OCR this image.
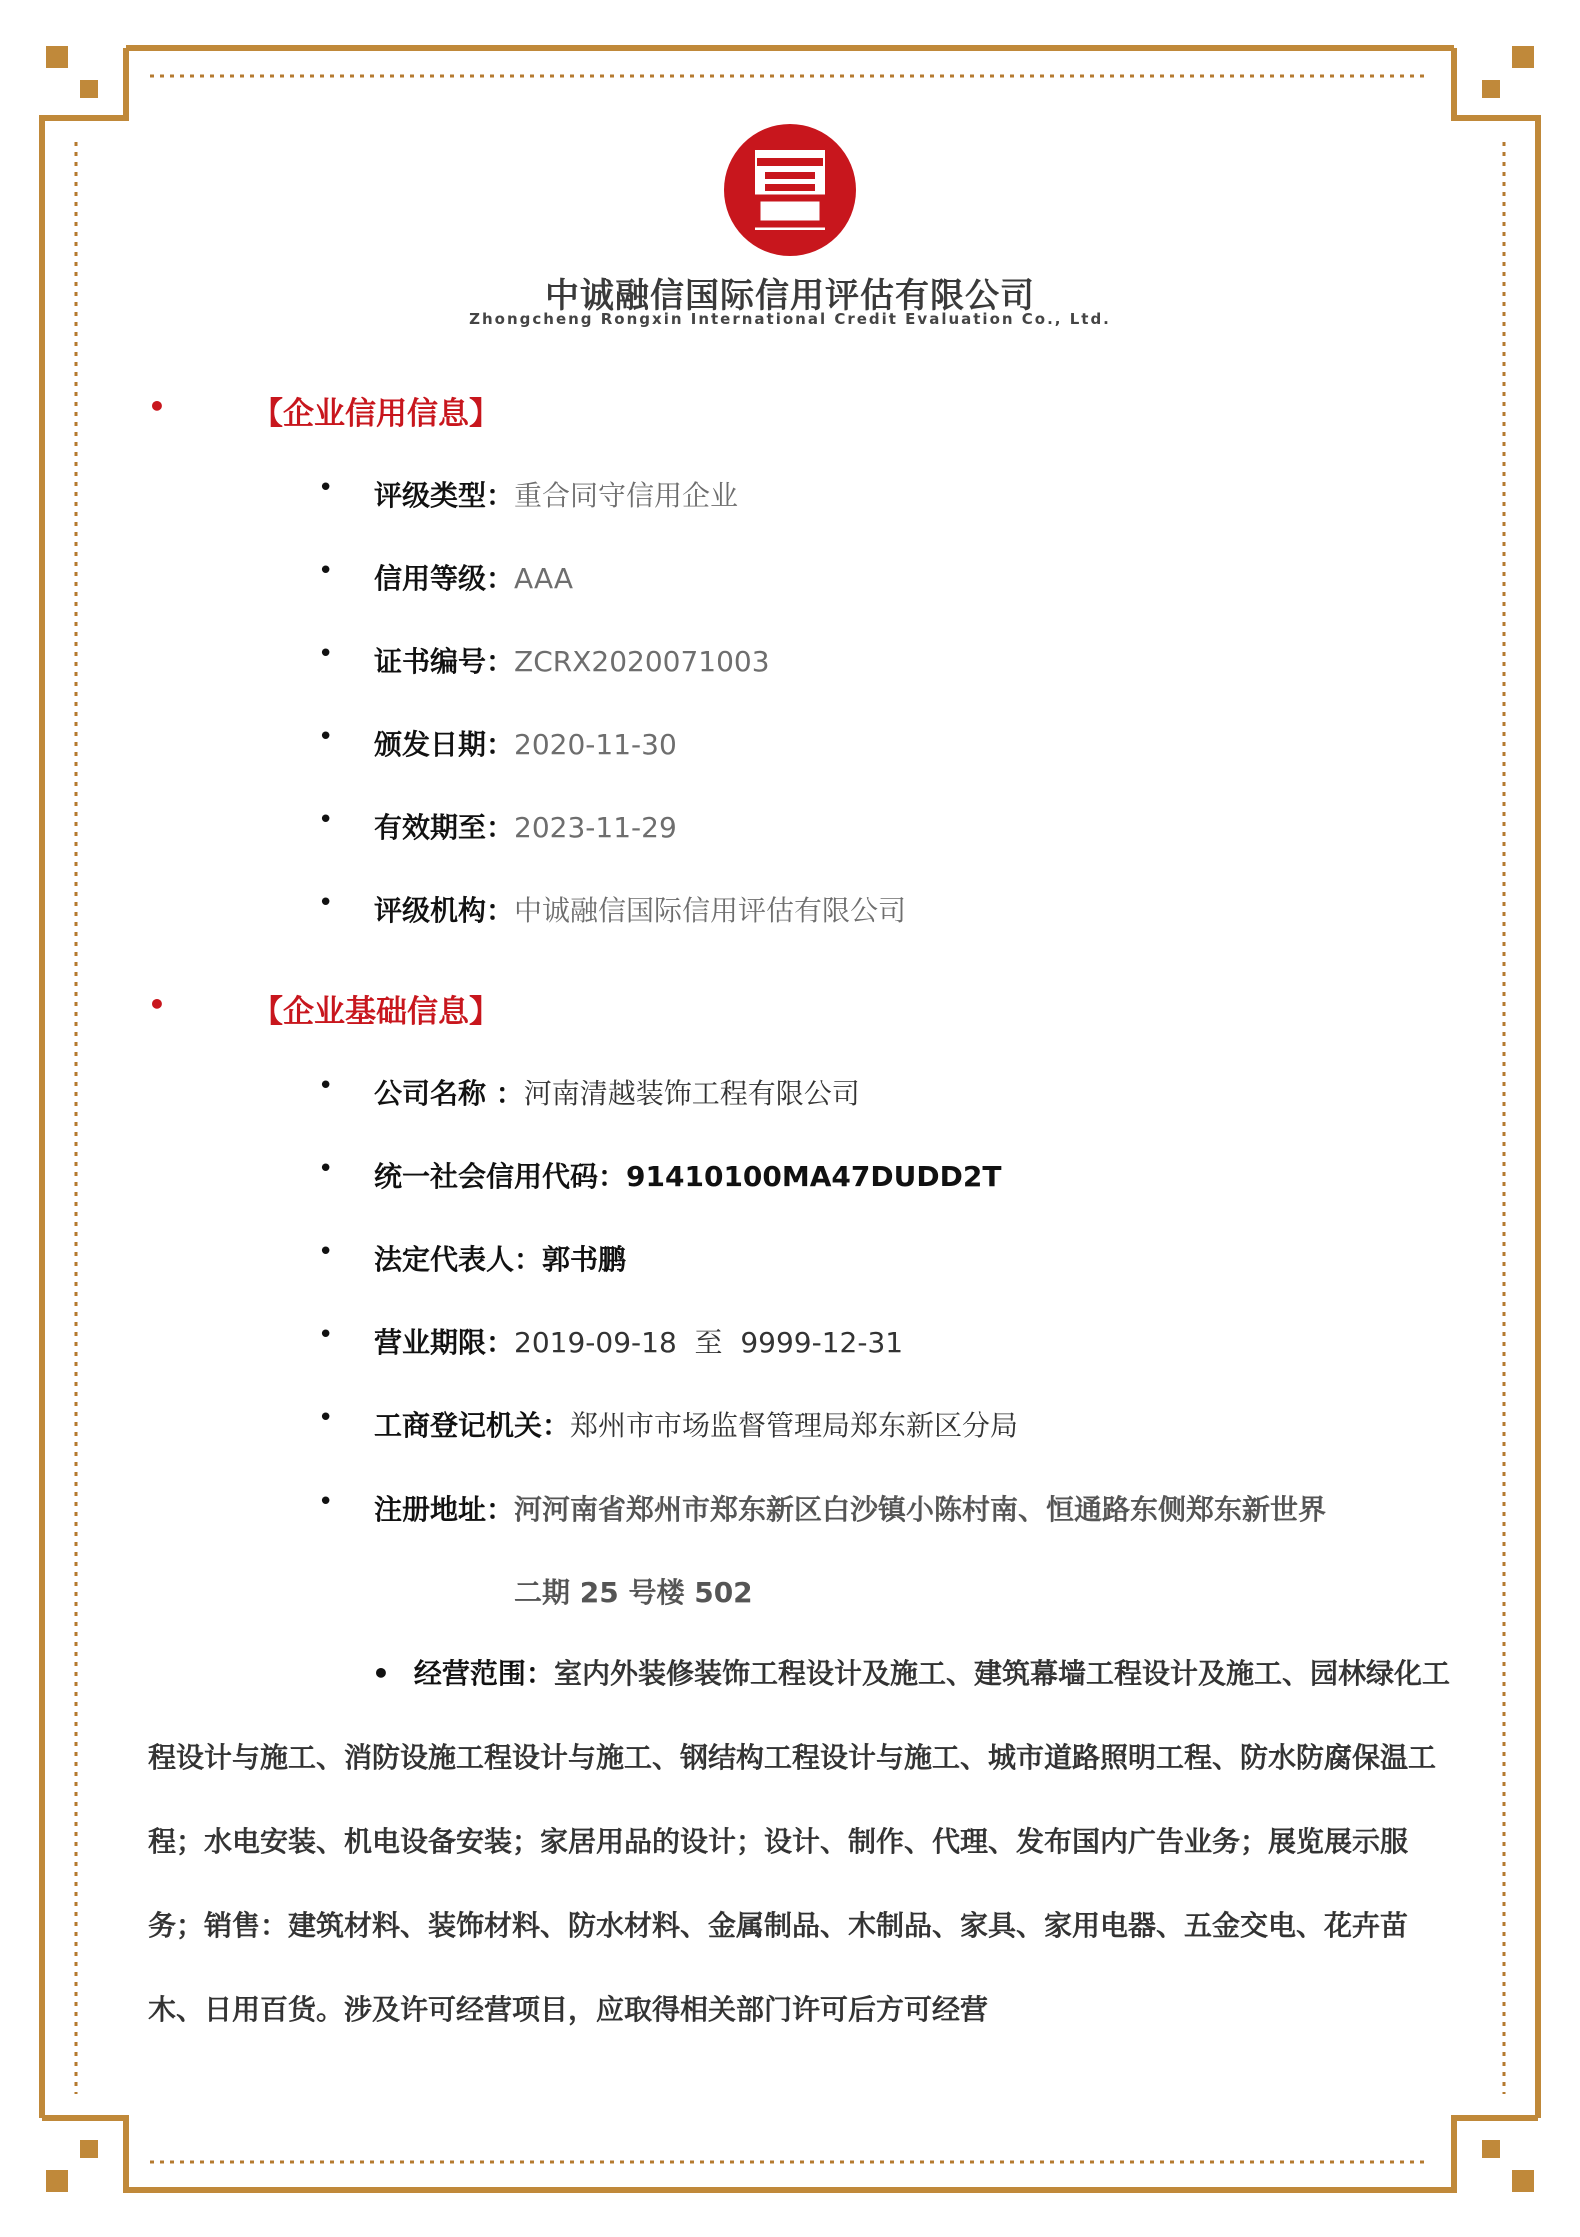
中诚融信国际信用评估有限公司
Zhongcheng Rongxin International Credit Evaluation Co., Ltd.
•	【企业信用信息】
• 评级类型：重合同守信用企业
• 信用等级：AAA
• 证书编号：ZCRX2020071003
• 颁发日期：2020-11-30
• 有效期至：2023-11-29
• 评级机构：中诚融信国际信用评估有限公司
•	【企业基础信息】
• 公司名称 ：河南清越装饰工程有限公司
• 统一社会信用代码：91410100MA47DUDD2T
• 法定代表人：郭书鹏
• 营业期限：2019-09-18  至  9999-12-31
• 工商登记机关：郑州市市场监督管理局郑东新区分局
• 注册地址：河河南省郑州市郑东新区白沙镇小陈村南、恒通路东侧郑东新世界
二期 25 号楼 502
• 经营范围：室内外装修装饰工程设计及施工、建筑幕墙工程设计及施工、园林绿化工程设计与施工、消防设施工程设计与施工、钢结构工程设计与施工、城市道路照明工程、防水防腐保温工程；水电安装、机电设备安装；家居用品的设计；设计、制作、代理、发布国内广告业务；展览展示服务；销售：建筑材料、装饰材料、防水材料、金属制品、木制品、家具、家用电器、五金交电、花卉苗木、日用百货。涉及许可经营项目，应取得相关部门许可后方可经营
